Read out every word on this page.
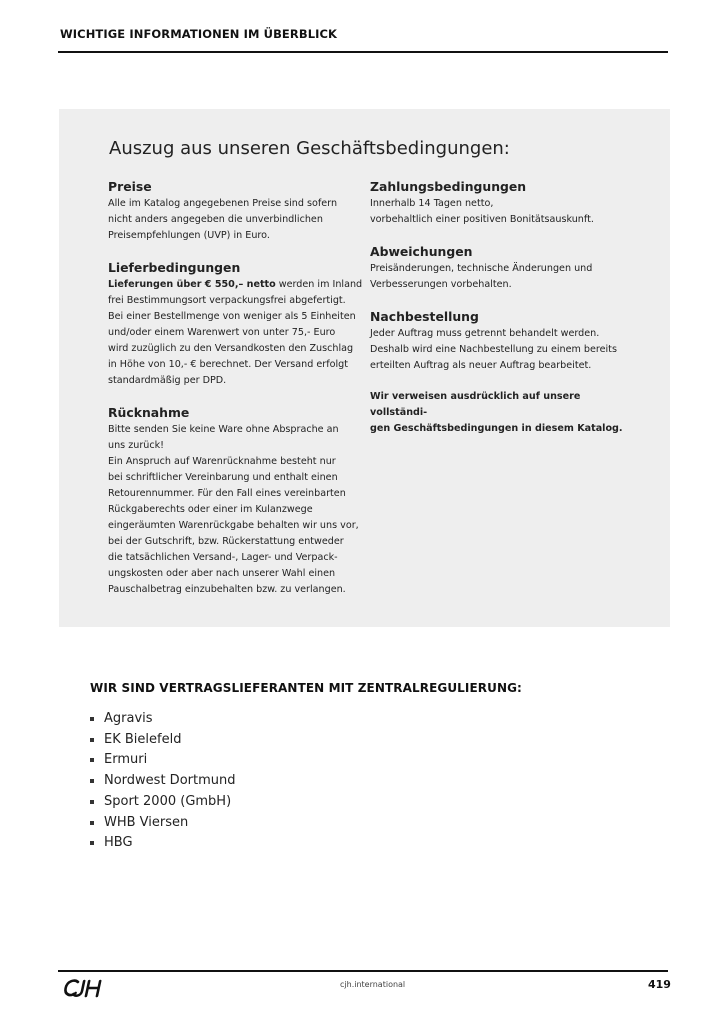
WICHTIGE INFORMATIONEN IM ÜBERBLICK
Auszug aus unseren Geschäftsbedingungen:
Preise

Alle im Katalog angegebenen Preise sind sofern
nicht anders angegeben die unverbindlichen
Preisempfehlungen (UVP) in Euro.

Lieferbedingungen

Lieferungen über € 550,– netto werden im Inland
frei Bestimmungsort verpackungsfrei abgefertigt.
Bei einer Bestellmenge von weniger als 5 Einheiten
und/oder einem Warenwert von unter 75,- Euro
wird zuzüglich zu den Versandkosten den Zuschlag
in Höhe von 10,- € berechnet. Der Versand erfolgt
standardmäßig per DPD.

Rücknahme

Bitte senden Sie keine Ware ohne Absprache an
uns zurück!
Ein Anspruch auf Warenrücknahme besteht nur
bei schriftlicher Vereinbarung und enthalt einen
Retourennummer. Für den Fall eines vereinbarten
Rückgaberechts oder einer im Kulanzwege
eingeräumten Warenrückgabe behalten wir uns vor,
bei der Gutschrift, bzw. Rückerstattung entweder
die tatsächlichen Versand-, Lager- und Verpack-
ungskosten oder aber nach unserer Wahl einen
Pauschalbetrag einzubehalten bzw. zu verlangen.

Zahlungsbedingungen

Innerhalb 14 Tagen netto,
vorbehaltlich einer positiven Bonitätsauskunft.

Abweichungen

Preisänderungen, technische Änderungen und
Verbesserungen vorbehalten.

Nachbestellung

Jeder Auftrag muss getrennt behandelt werden.
Deshalb wird eine Nachbestellung zu einem bereits
erteilten Auftrag als neuer Auftrag bearbeitet.

Wir verweisen ausdrücklich auf unsere vollständi-
gen Geschäftsbedingungen in diesem Katalog.

WIR SIND VERTRAGSLIEFERANTEN MIT ZENTRALREGULIERUNG:
Agravis
EK Bielefeld
Ermuri
Nordwest Dortmund
Sport 2000 (GmbH)
WHB Viersen
HBG
cjh.international	419
